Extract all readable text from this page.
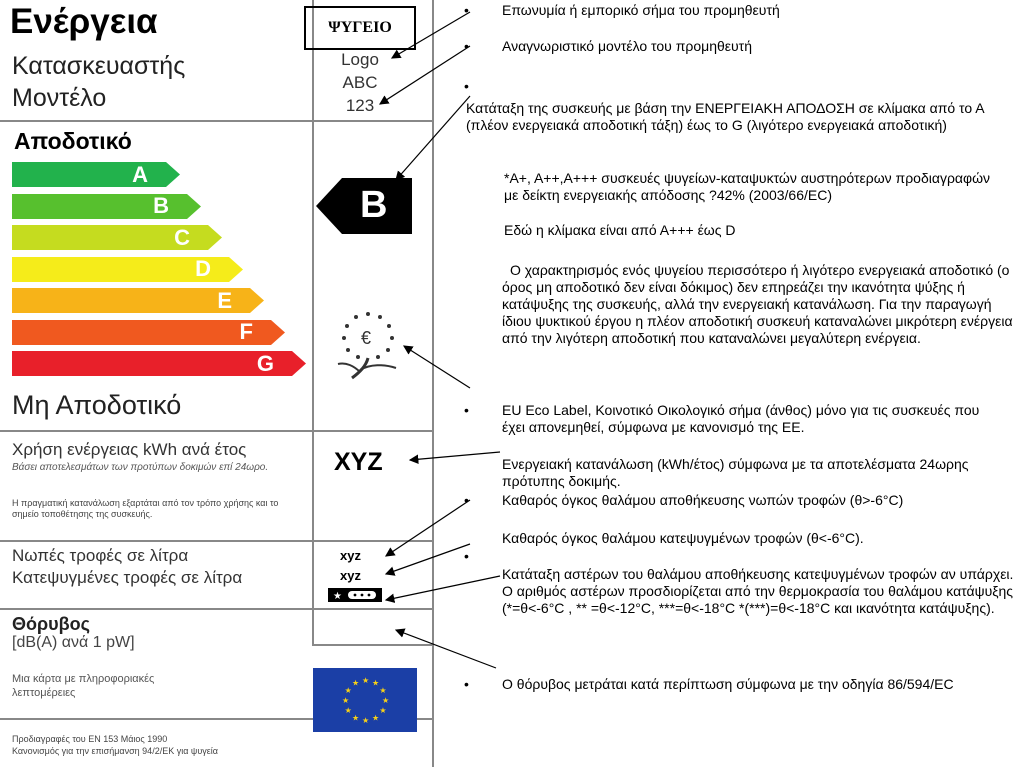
Ενέργεια
Κατασκευαστής
Μοντέλο
ΨΥΓΕΙΟ
Logo
ABC
123
Αποδοτικό
A
B
C
D
E
F
G
B
€
Μη Αποδοτικό
Χρήση ενέργειας kWh ανά έτος
Βάσει αποτελεσμάτων των προτύπων δοκιμών επί 24ωρο.
Η πραγματική κατανάλωση εξαρτάται από τον τρόπο χρήσης και το σημείο τοποθέτησης της συσκευής.
XYZ
Νωπές τροφές σε λίτρα
Κατεψυγμένες τροφές σε λίτρα
xyz
xyz
★
Θόρυβος
[dB(A) ανά 1 pW]
Μια κάρτα με πληροφοριακές λεπτομέρειες
★
★
★
★
★
★
★
★
★ ★ ★
★
Προδιαγραφές του ΕΝ 153 Μάιος 1990
Κανονισμός για την επισήμανση 94/2/ΕΚ για ψυγεία
• Επωνυμία ή εμπορικό σήμα του προμηθευτή
• Αναγνωριστικό μοντέλο του προμηθευτή
•
Κατάταξη της συσκευής με βάση την ΕΝΕΡΓΕΙΑΚΗ ΑΠΟΔΟΣΗ σε κλίμακα από το Α (πλέον ενεργειακά αποδοτική τάξη) έως το G (λιγότερο ενεργειακά αποδοτική)
*A+, A++,A+++ συσκευές ψυγείων-καταψυκτών αυστηρότερων προδιαγραφών με δείκτη ενεργειακής απόδοσης ?42% (2003/66/ΕC)
Εδώ η κλίμακα είναι από Α+++ έως D
Ο χαρακτηρισμός ενός ψυγείου περισσότερο ή λιγότερο ενεργειακά αποδοτικό (ο όρος μη αποδοτικό δεν είναι δόκιμος) δεν επηρεάζει την ικανότητα ψύξης ή κατάψυξης της συσκευής, αλλά την ενεργειακή κατανάλωση. Για την παραγωγή ίδιου ψυκτικού έργου η πλέον αποδοτική συσκευή καταναλώνει μικρότερη ενέργεια από την λιγότερη αποδοτική που καταναλώνει μεγαλύτερη ενέργεια.
• EU Eco Label, Κοινοτικό Οικολογικό σήμα (άνθος) μόνο για τις συσκευές που έχει απονεμηθεί, σύμφωνα με κανονισμό της ΕΕ.
Ενεργειακή κατανάλωση (kWh/έτος) σύμφωνα με τα αποτελέσματα 24ωρης πρότυπης δοκιμής.
• Καθαρός όγκος θαλάμου αποθήκευσης νωπών τροφών (θ>-6°C)
Καθαρός όγκος θαλάμου κατεψυγμένων τροφών (θ<-6°C).
•
Κατάταξη αστέρων του θαλάμου αποθήκευσης κατεψυγμένων τροφών αν υπάρχει. Ο αριθμός αστέρων προσδιορίζεται από την θερμοκρασία του θαλάμου κατάψυξης (*=θ<-6°C , ** =θ<-12°C, ***=θ<-18°C *(***)=θ<-18°C και ικανότητα κατάψυξης).
• Ο θόρυβος μετράται κατά περίπτωση σύμφωνα με την οδηγία 86/594/ΕC
